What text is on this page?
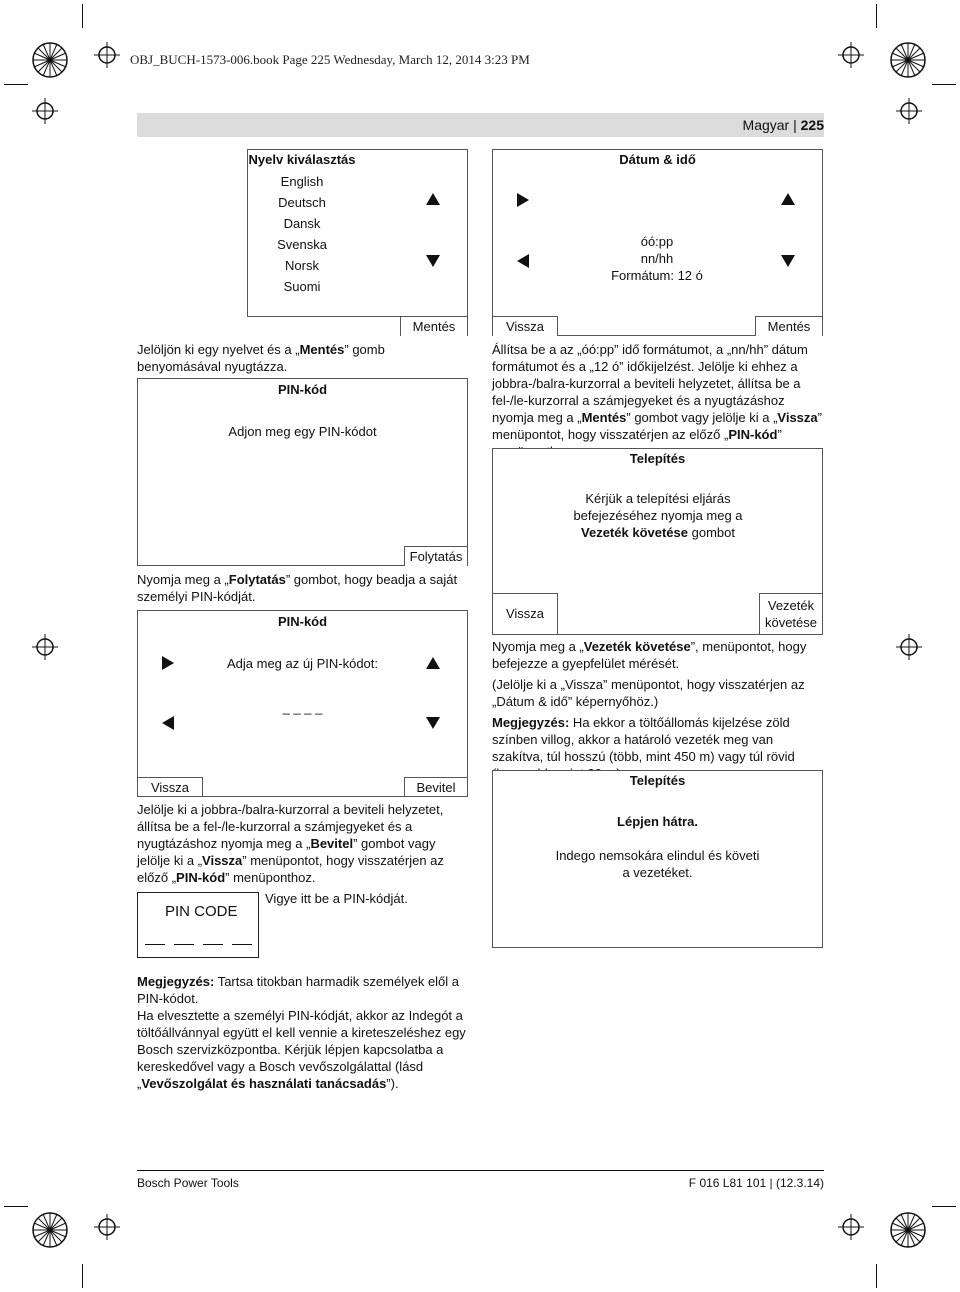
OBJ_BUCH-1573-006.book Page 225 Wednesday, March 12, 2014 3:23 PM
Magyar | 225
Nyelv kiválasztás
English
Deutsch
Dansk
Svenska
Norsk
Suomi
Mentés
Jelöljön ki egy nyelvet és a „Mentés” gomb benyomásával nyugtázza.
PIN-kód
Adjon meg egy PIN-kódot
Folytatás
Nyomja meg a „Folytatás” gombot, hogy beadja a saját személyi PIN-kódját.
PIN-kód
Adja meg az új PIN-kódot:
_ _ _ _
Vissza	Bevitel
Jelölje ki a jobbra-/balra-kurzorral a beviteli helyzetet, állítsa be a fel-/le-kurzorral a számjegyeket és a nyugtázáshoz nyomja meg a „Bevitel” gombot vagy jelölje ki a „Vissza” menüpontot, hogy visszatérjen az előző „PIN-kód” menüponthoz.
PIN CODE
Vigye itt be a PIN-kódját.
Megjegyzés: Tartsa titokban harmadik személyek elől a PIN-kódot.
Ha elvesztette a személyi PIN-kódját, akkor az Indegót a töltőállvánnyal együtt el kell vennie a kireteszeléshez egy Bosch szervizközpontba. Kérjük lépjen kapcsolatba a kereskedővel vagy a Bosch vevőszolgálattal (lásd „Vevőszolgálat és használati tanácsadás”).
Dátum & idő
óó:pp
nn/hh
Formátum: 12 ó
Vissza	Mentés
Állítsa be a az „óó:pp” idő formátumot, a „nn/hh” dátum formátumot és a „12 ó” időkijelzést. Jelölje ki ehhez a jobbra-/balra-kurzorral a beviteli helyzetet, állítsa be a fel-/le-kurzorral a számjegyeket és a nyugtázáshoz nyomja meg a „Mentés” gombot vagy jelölje ki a „Vissza” menüpontot, hogy visszatérjen az előző „PIN-kód”
Telepítés
Kérjük a telepítési eljárás befejezéséhez nyomja meg a Vezeték követése gombot
Vissza
Vezeték
követése
Nyomja meg a „Vezeték követése”, menüpontot, hogy befejezze a gyepfelület mérését.
(Jelölje ki a „Vissza” menüpontot, hogy visszatérjen az „Dátum & idő” képernyőhöz.)
Megjegyzés: Ha ekkor a töltőállomás kijelzése zöld színben villog, akkor a határoló vezeték meg van szakítva, túl hosszú (több, mint 450 m) vagy túl rövid
Telepítés
Lépjen hátra.
Indego nemsokára elindul és követi a vezetéket.
Bosch Power Tools	F 016 L81 101 | (12.3.14)
